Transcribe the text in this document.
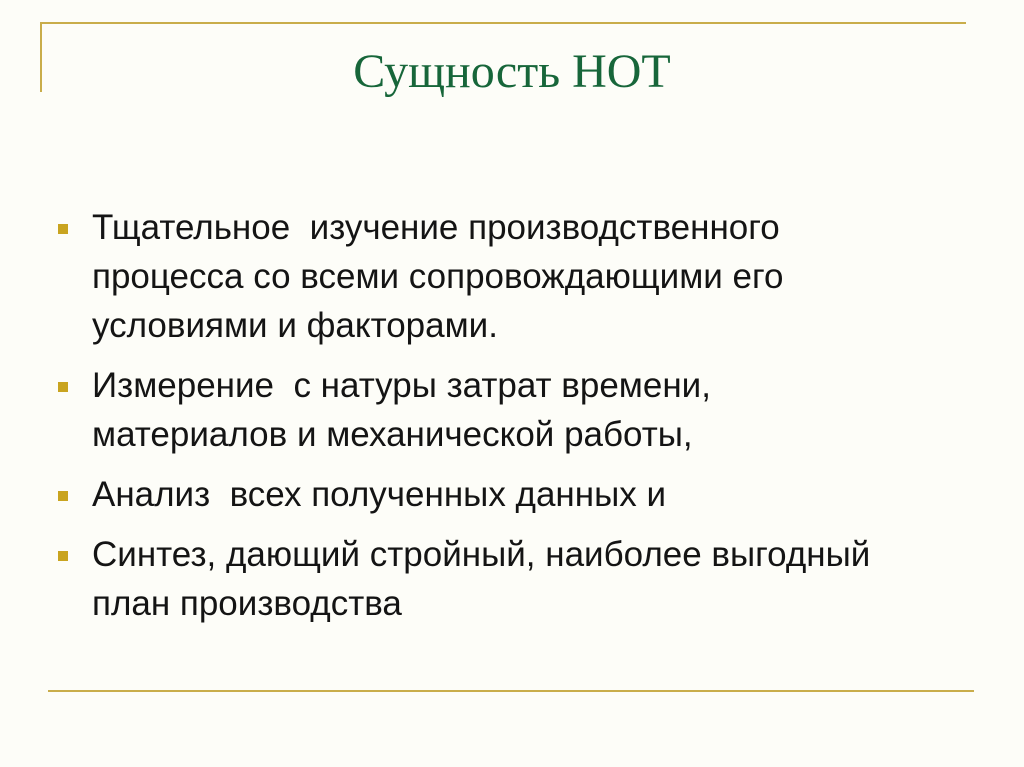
Сущность НОТ
Тщательное  изучение производственного
процесса со всеми сопровождающими его
условиями и факторами.
Измерение  с натуры затрат времени,
материалов и механической работы,
Анализ  всех полученных данных и
Синтез, дающий стройный, наиболее выгодный
план производства
